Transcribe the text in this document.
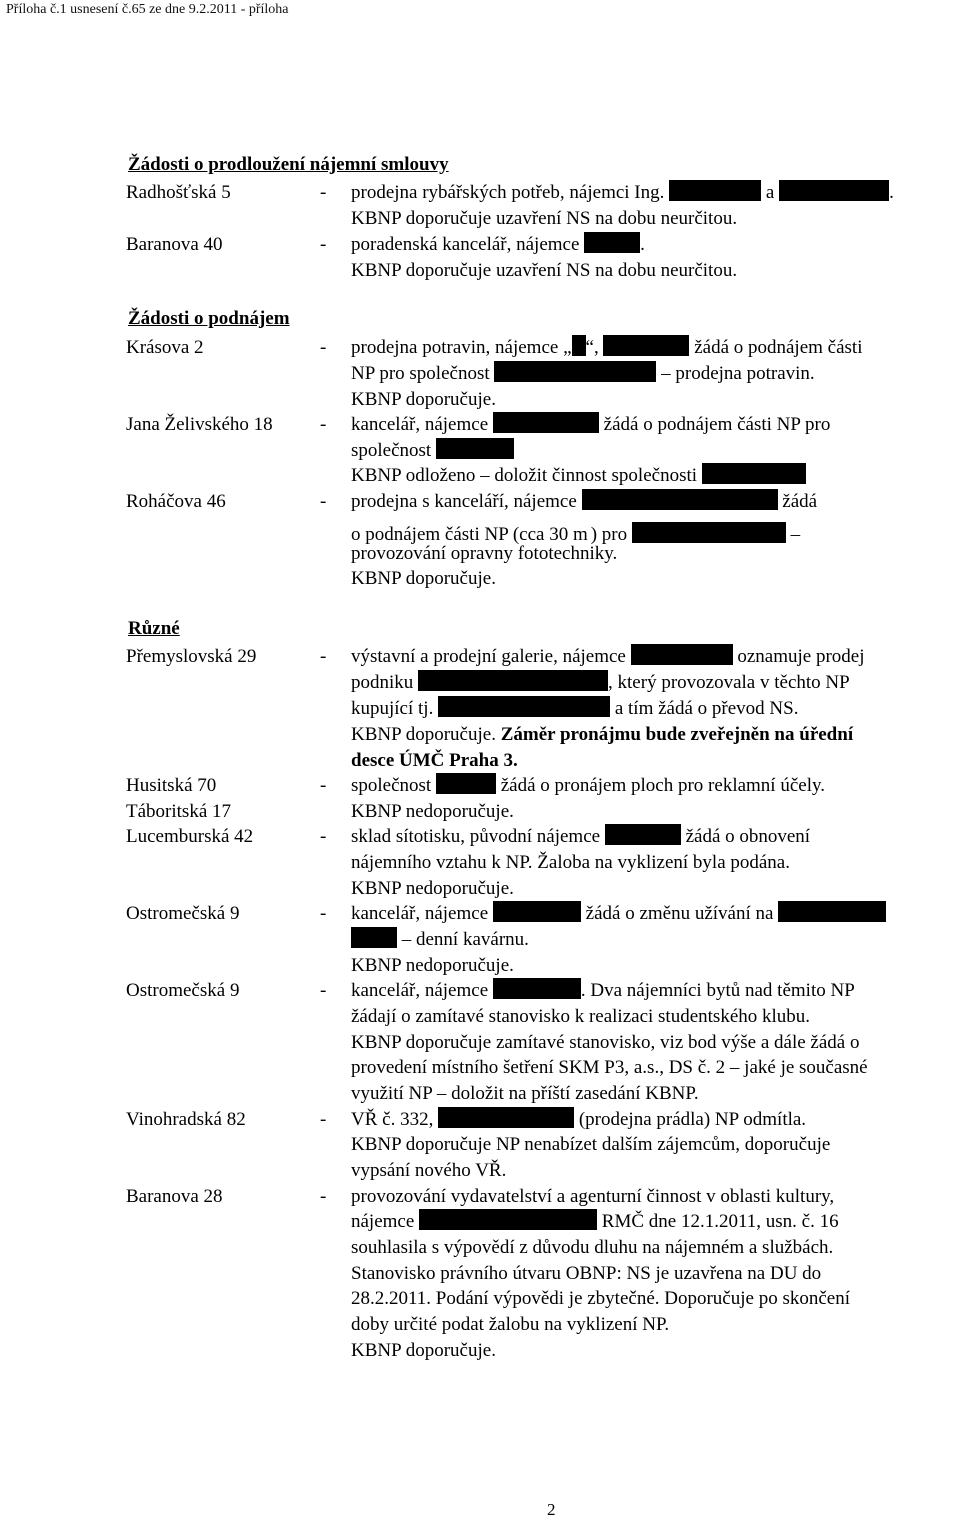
Příloha č.1 usnesení č.65 ze dne 9.2.2011 - příloha
Žádosti o prodloužení nájemní smlouvy
Radhošťská 5	- prodejna rybářských potřeb, nájemci Ing.	a	.
KBNP doporučuje uzavření NS na dobu neurčitou.
Baranova 40	- poradenská kancelář, nájemce	.
KBNP doporučuje uzavření NS na dobu neurčitou.
Žádosti o podnájem
Krásova 2	- prodejna potravin, nájemce „ “,	žádá o podnájem části
NP pro společnost	– prodejna potravin.
KBNP doporučuje.
Jana Želivského 18 - kancelář, nájemce	žádá o podnájem části NP pro
společnost
KBNP odloženo – doložit činnost společnosti
Roháčova 46	- prodejna s kanceláří, nájemce	žádá
o podnájem části NP (cca 30 m ) pro	–
provozování opravny fototechniky.
KBNP doporučuje.
Různé
Přemyslovská 29	- výstavní a prodejní galerie, nájemce	oznamuje prodej
podniku	, který provozovala v těchto NP
kupující tj.	a tím žádá o převod NS.
KBNP doporučuje. Záměr pronájmu bude zveřejněn na úřední
desce ÚMČ Praha 3.
Husitská 70	- společnost	žádá o pronájem ploch pro reklamní účely.
Táboritská 17	KBNP nedoporučuje.
Lucemburská 42	- sklad sítotisku, původní nájemce	žádá o obnovení
nájemního vztahu k NP. Žaloba na vyklizení byla podána.
KBNP nedoporučuje.
Ostromečská 9	- kancelář, nájemce	žádá o změnu užívání na
– denní kavárnu.
KBNP nedoporučuje.
Ostromečská 9	- kancelář, nájemce	. Dva nájemníci bytů nad těmito NP
žádají o zamítavé stanovisko k realizaci studentského klubu.
KBNP doporučuje zamítavé stanovisko, viz bod výše a dále žádá o
provedení místního šetření SKM P3, a.s., DS č. 2 – jaké je současné
využití NP – doložit na příští zasedání KBNP.
Vinohradská 82	- VŘ č. 332,	(prodejna prádla) NP odmítla.
KBNP doporučuje NP nenabízet dalším zájemcům, doporučuje
vypsání nového VŘ.
Baranova 28	- provozování vydavatelství a agenturní činnost v oblasti kultury,
nájemce	RMČ dne 12.1.2011, usn. č. 16
souhlasila s výpovědí z důvodu dluhu na nájemném a službách.
Stanovisko právního útvaru OBNP: NS je uzavřena na DU do
28.2.2011. Podání výpovědi je zbytečné. Doporučuje po skončení
doby určité podat žalobu na vyklizení NP.
KBNP doporučuje.
2
